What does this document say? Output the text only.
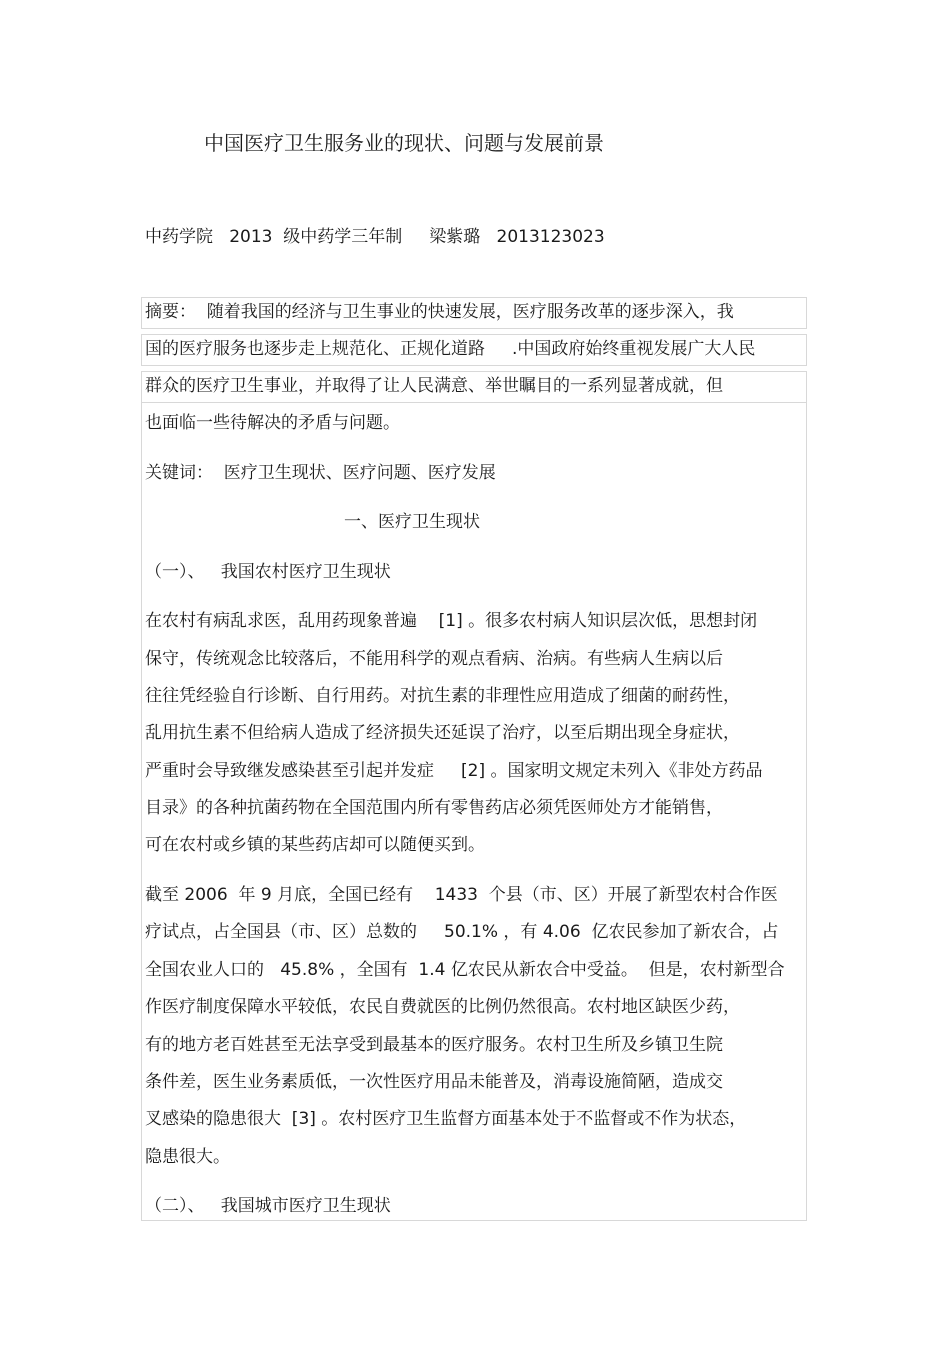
中国医疗卫生服务业的现状、问题与发展前景
中药学院   2013  级中药学三年制     梁紫璐   2013123023
摘要：  随着我国的经济与卫生事业的快速发展，医疗服务改革的逐步深入，我
国的医疗服务也逐步走上规范化、正规化道路     .中国政府始终重视发展广大人民
群众的医疗卫生事业，并取得了让人民满意、举世瞩目的一系列显著成就，但
也面临一些待解决的矛盾与问题。
关键词：  医疗卫生现状、医疗问题、医疗发展
一、医疗卫生现状
（一）、   我国农村医疗卫生现状
在农村有病乱求医，乱用药现象普遍    [1] 。很多农村病人知识层次低，思想封闭
保守，传统观念比较落后，不能用科学的观点看病、治病。有些病人生病以后
往往凭经验自行诊断、自行用药。对抗生素的非理性应用造成了细菌的耐药性，
乱用抗生素不但给病人造成了经济损失还延误了治疗，以至后期出现全身症状，
严重时会导致继发感染甚至引起并发症     [2] 。国家明文规定未列入《非处方药品
目录》的各种抗菌药物在全国范围内所有零售药店必须凭医师处方才能销售，
可在农村或乡镇的某些药店却可以随便买到。
截至 2006  年 9 月底，全国已经有    1433  个县（市、区）开展了新型农村合作医
疗试点，占全国县（市、区）总数的     50.1% ，有 4.06  亿农民参加了新农合，占
全国农业人口的   45.8% ，全国有  1.4 亿农民从新农合中受益。  但是，农村新型合
作医疗制度保障水平较低，农民自费就医的比例仍然很高。农村地区缺医少药，
有的地方老百姓甚至无法享受到最基本的医疗服务。农村卫生所及乡镇卫生院
条件差，医生业务素质低，一次性医疗用品未能普及，消毒设施简陋，造成交
叉感染的隐患很大  [3] 。农村医疗卫生监督方面基本处于不监督或不作为状态，
隐患很大。
（二）、   我国城市医疗卫生现状
